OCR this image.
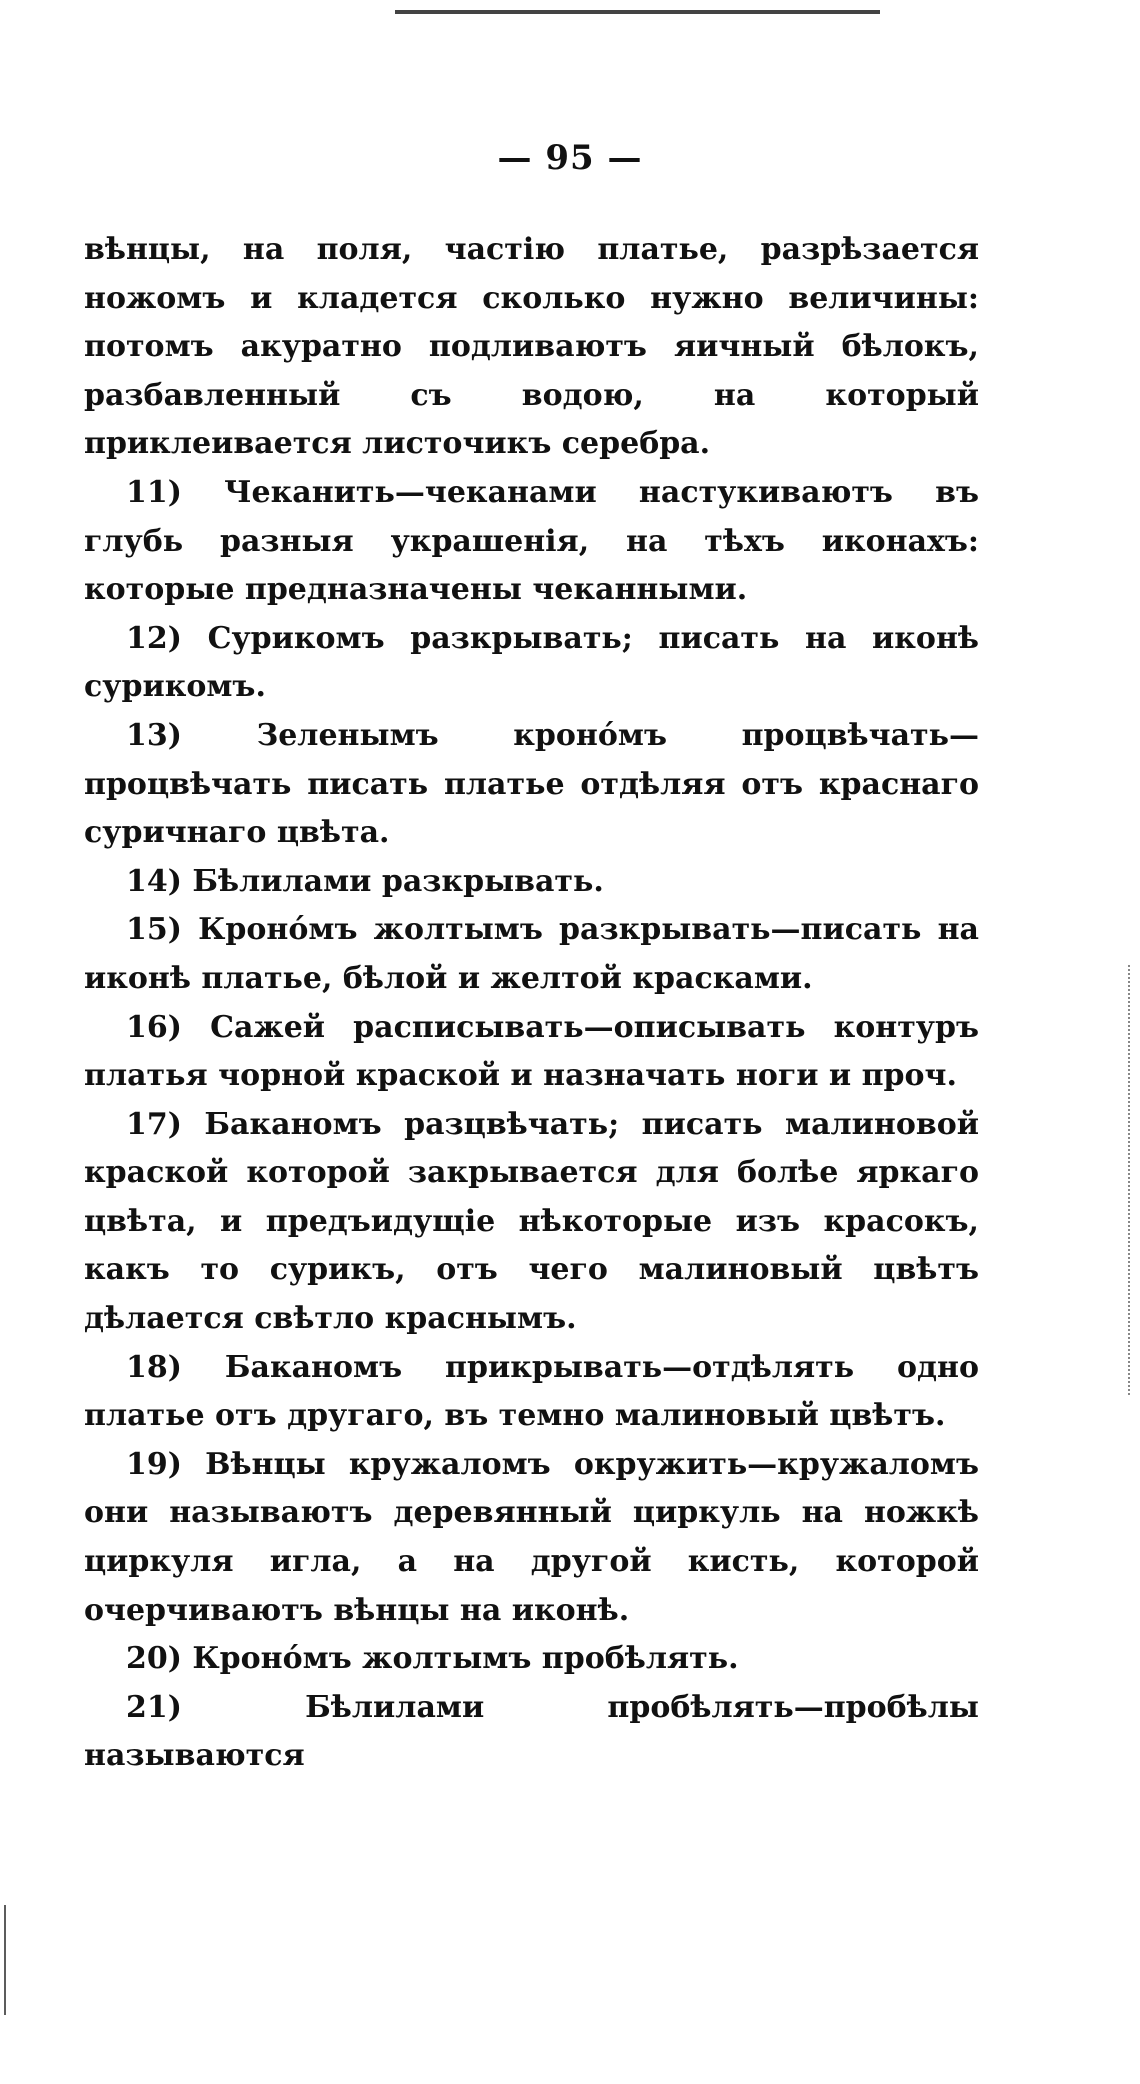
— 95 —

вѣнцы, на поля, частію платье, разрѣзается ножомъ и кладется сколько нужно величины: потомъ акуратно подливаютъ яичный бѣлокъ, разбавленный съ водою, на который приклеивается листочикъ серебра.

11) Чеканить—чеканами настукиваютъ въ глубь разныя украшенія, на тѣхъ иконахъ: которые предназначены чеканными.

12) Сурикомъ разкрывать; писать на иконѣ сурикомъ.

13) Зеленымъ кроно́мъ процвѣчать—процвѣчать писать платье отдѣляя отъ краснаго суричнаго цвѣта.

14) Бѣлилами разкрывать.

15) Кроно́мъ жолтымъ разкрывать—писать на иконѣ платье, бѣлой и желтой красками.

16) Сажей расписывать—описывать контуръ платья чорной краской и назначать ноги и проч.

17) Баканомъ разцвѣчать; писать малиновой краской которой закрывается для болѣе яркаго цвѣта, и предъидущіе нѣкоторые изъ красокъ, какъ то сурикъ, отъ чего малиновый цвѣтъ дѣлается свѣтло краснымъ.

18) Баканомъ прикрывать—отдѣлять одно платье отъ другаго, въ темно малиновый цвѣтъ.

19) Вѣнцы кружаломъ окружить—кружаломъ они называютъ деревянный циркуль на ножкѣ циркуля игла, а на другой кисть, которой очерчиваютъ вѣнцы на иконѣ.

20) Кроно́мъ жолтымъ пробѣлять.

21) Бѣлилами пробѣлять—пробѣлы называются
